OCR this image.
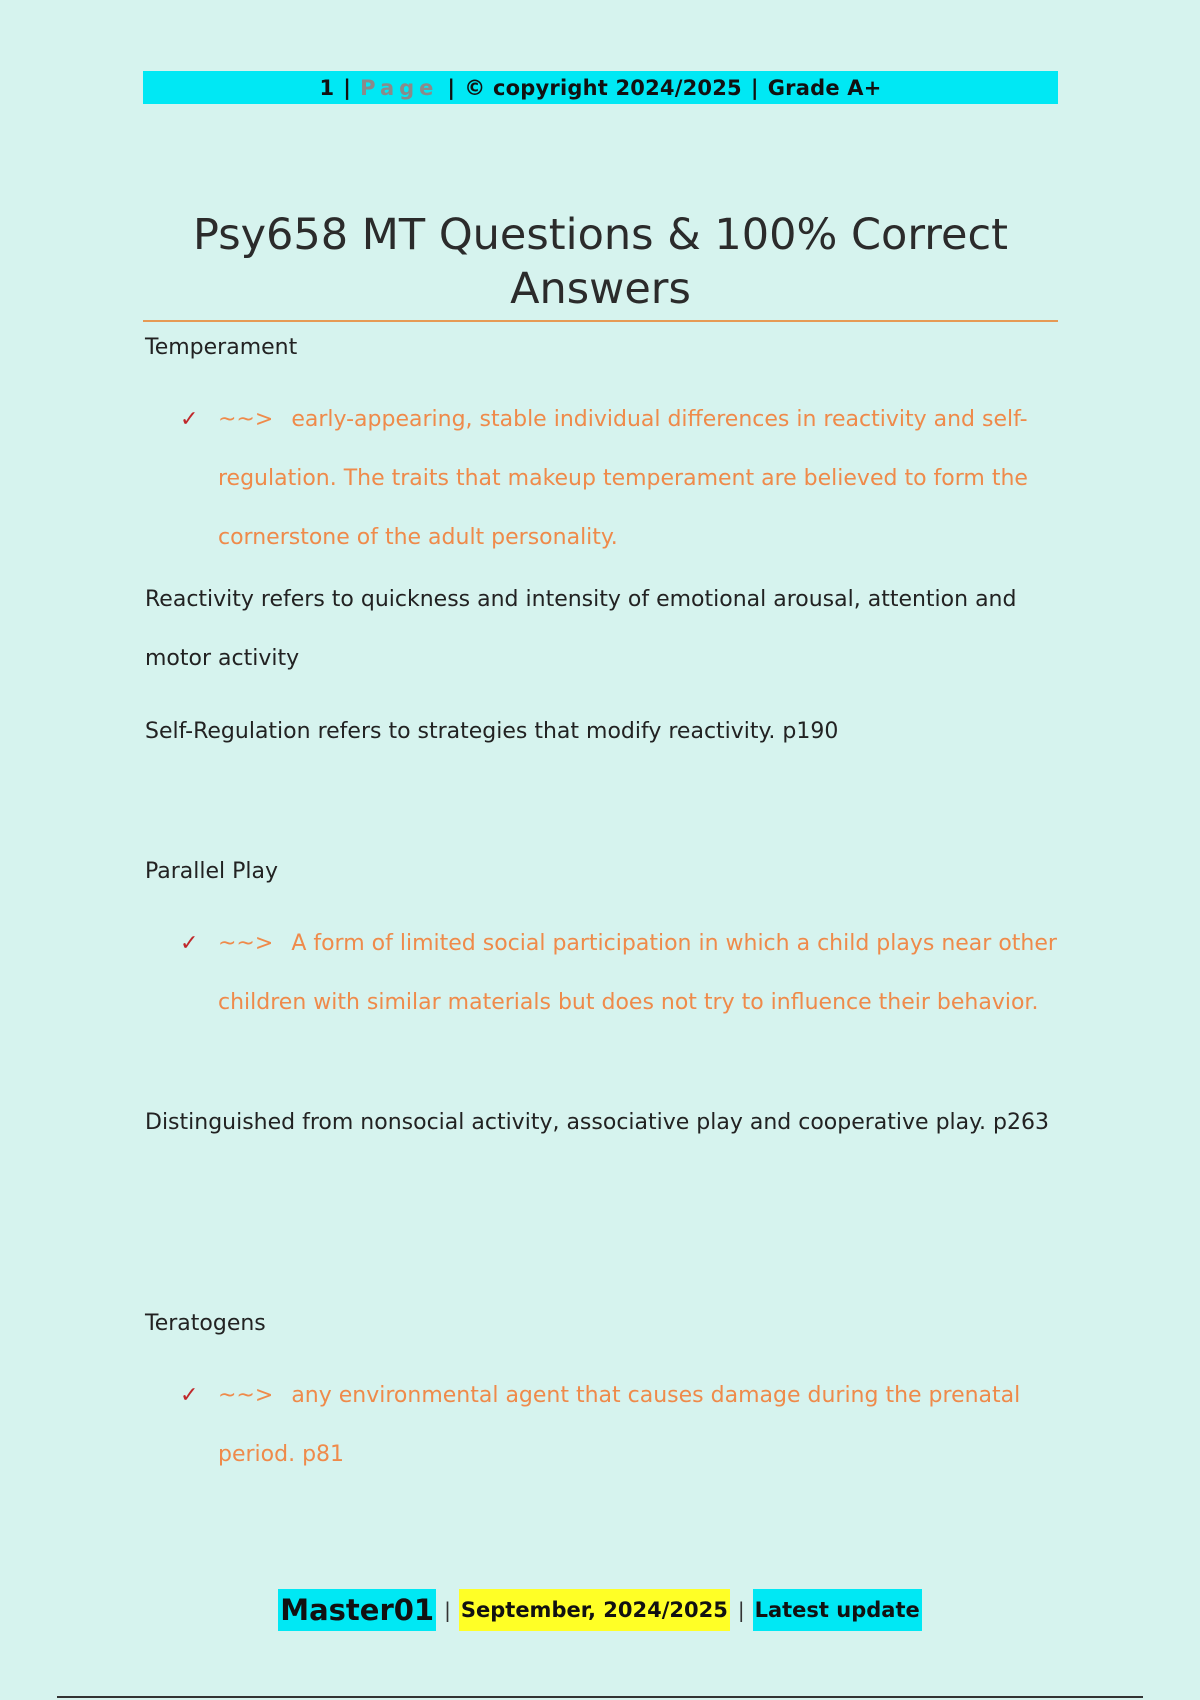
1 | Page | © copyright 2024/2025 | Grade A+
Psy658 MT Questions & 100% Correct Answers
Temperament
✓ ~~> early-appearing, stable individual differences in reactivity and self-regulation. The traits that makeup temperament are believed to form the cornerstone of the adult personality.
Reactivity refers to quickness and intensity of emotional arousal, attention and motor activity
Self-Regulation refers to strategies that modify reactivity. p190
Parallel Play
✓ ~~> A form of limited social participation in which a child plays near other children with similar materials but does not try to influence their behavior.
Distinguished from nonsocial activity, associative play and cooperative play. p263
Teratogens
✓ ~~> any environmental agent that causes damage during the prenatal period. p81
Master01 | September, 2024/2025 | Latest update
